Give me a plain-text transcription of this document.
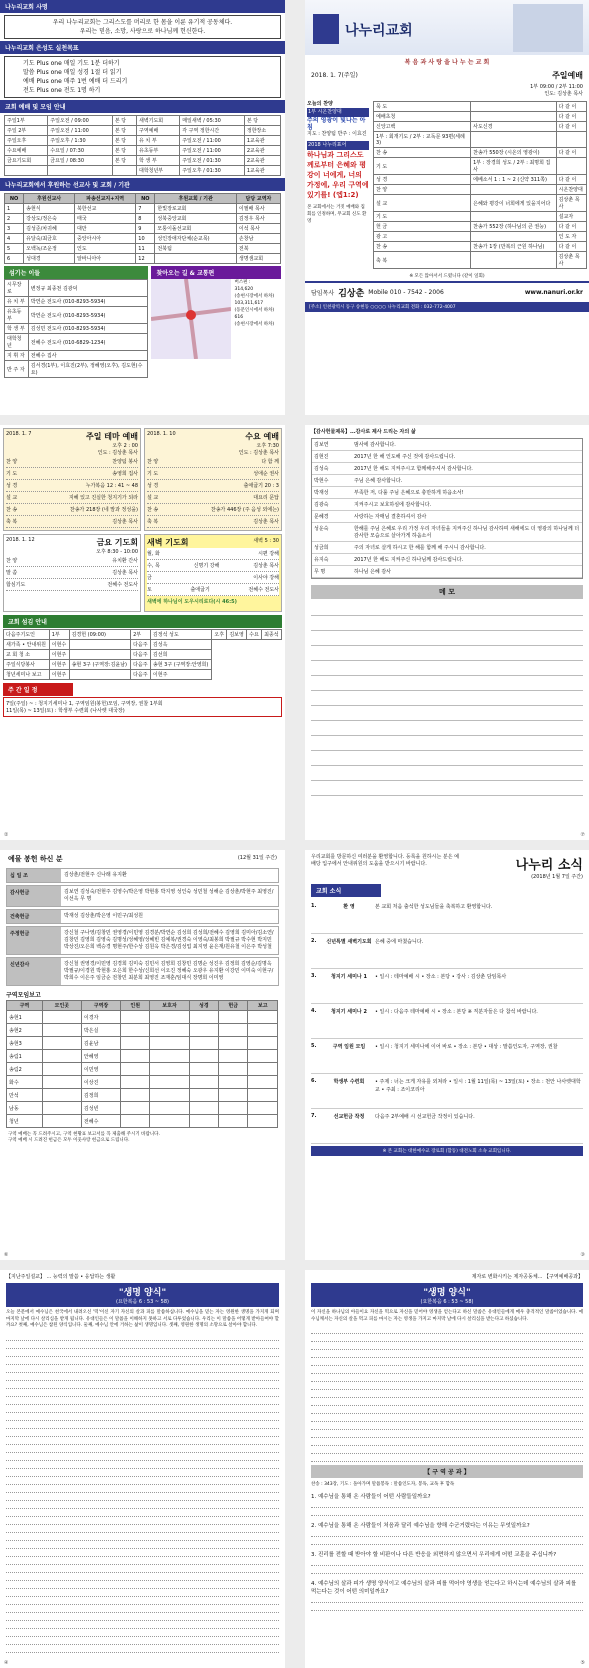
나누리교회 사명
우리 나누리교회는 그리스도를 머리로 한 몸을 이룬 유기적 공동체다.
우리는 믿음, 소망, 사랑으로 하나님께 헌신한다.
나누리교회 은성도 실천목표
기도 Plus one 매일 기도 1분 더하기
말씀 Plus one 매일 성경 1절 더 읽기
예배 Plus one 매주 1번 예배 더 드리기
전도 Plus one 전도 1명 하기
교회 예배 및 모임 안내
주일1부	주일오전 / 09:00	본 당	새벽기도회	매일새벽 / 05:30	본 당
주일 2부	주일오전 / 11:00	본 당	구역예배	각 구역 정한시간	정한장소
주일오후	주일오후 / 1:30	본 당	유 치 부	주일오전 / 11:00	1교육관
수요예배	수요일 / 07:30	본 당	유초등부	주일오전 / 11:00	2교육관
금요기도회	금요일 / 08:30	본 당	학 생 부	주일오전 / 01:30	2교육관
			대학청년부	주일오후 / 01:30	1교육관
나누리교회에서 후원하는 선교사 및 교회 / 기관
NO	후원선교사	파송선교지+지역	NO	후원교회 / 기관	담당 교역자
1	송현식	북한선교	7	한빛장로교회	이필배 목사
2	강상도/정은숙	태국	8	성북중앙교회	김정우 목사
3	김성준/차귀혜	대만	9	모퉁이돌선교회	이석 목사
4	유달숙/최금호	중앙아시아	10	성인장애자단체(순교목)	손창남
5	오백녹/조운정	인도	11	전북팀	전북
6	성대경	알바니아아	12		생명샘교회
섬기는 이들
시무장로	변정규 최종천 김광덕
유 치 부	박연순 전도사 (010-8293-5934)
유초등부	박연순 전도사 (010-8293-5934)
학 생 부	김성민 전도사 (010-8293-5934)
대학청년	전혜수 전도사 (010-6829-1234)
지 휘 자	전혜수 집사
반 주 자	김서경(1부), 이효진(2부), 정혜영(오후), 김도현(수요)
찾아오는 길 & 교통편
버스편 :
314,620
(송현시장에서 하차)
103,311,617
(동문인시에서 하차)
616
(송현시장에서 하차)
나누리교회
복 음 과 사 랑 을 나 누 는 교 회
2018. 1. 7(주일)	주일예배
1부 09:00 / 2부 11:00
인도: 김상춘 목사
오늘의 찬양
1부 시온찬양대
주의 영광이 빛나는 아침
지도 : 찬양팀 반주 : 이효진
2018 나누리표어
하나님과 그리스도께로부터 은혜와 평강이 너에게, 너의 가정에, 우리 구역에 있기를! (엡1:2)
본 교회에서는 거짓 예배와 집회를 인정하며, 무교회 신도 환영
묵 도		다 같 이
예배초청		다 같 이
신앙고백	사도신경	다 같 이
1부 : 회개기도 / 2부 : 교독문 93편(세례3)		
찬 송	찬송가 550장 (시온의 영광이)	다 같 이
기 도	1부 : 장경희 성도 / 2부 : 최명희 집사	
성 경	에베소서 1 : 1 ~ 2 (신약 311쪽)	다 같 이
찬 양		시온찬양대
설 교	은혜와 평강이 너희에게 있을지어다	김상춘 목사
기 도		설교자
헌 금	찬송가 552장 (하나님의 큰 권능)	다 같 이
광 고		인 도 자
찬 송	찬송가 1장 (만복의 근원 하나님)	다 같 이
축 복		김상춘 목사
※ 모든 않아서서 드렸니다 (같이 일회)
담임목사 김상춘 Mobile 010 - 7542 - 2006	www.nanuri.or.kr
[주소] 인천광역시 동구 송현동 ○○○○ 나누리교회 전화 : 032-772-4007
2018. 1. 7	주일 테마 예배
오후 2 : 00
인도 : 김상춘 목사
찬 양	찬양팀 봉사
기 도	송영희 집사
성 경	누가복음 12 : 41 ~ 48
설 교	지혜 있고 진실한 청지기가 되라
찬 송	찬송가 218장 (네 맘과 정성을)
축 복	김상춘 목사
2018. 1. 10	수요 예배
오후 7:30
인도 : 김상춘 목사
찬 양	다 함 께
기 도	성애순 권사
성 경	출애굽기 20 : 3
설 교	대요리 문답
찬 송	찬송가 446장 (주 음성 외에는)
축 복	김상춘 목사
2018. 1. 12	금요 기도회
오후 8:30 - 10:00
찬 양	유치환 간사
말 씀	김상춘 목사
합심기도	전혜수 전도사
새벽 기도회	새벽 5 : 30
월, 화	시편 강해
수, 목	신명기 강해	김상춘 목사
금	이사야 강해
토	출애굽기	전혜수 전도사
새벽에 하나님이 도우시리로다(시 46:5)
교회 섬김 안내
다음주기도인	1부	김경헌 (09:00)	2부	김정석 성도	오후	김보영	수요	최종석
새가족 • 안내위원	이현수		다음주	김성옥				
교 회 청 소	이현주		다음주	김선희				
주일식당봉사	이현주	송현 3구 (구역장:김윤남)	다음주	송현 3구 (구역장:안영희)				
청년세미나 보고	이현주		다음주	이현주				
주 간 일 정
7일(주일) ~ : 청지기세미나 1, 구역임원(봉헌)모임, 구역장, 권찰 1부회
11일(목) ~ 13일(토) : 학생부 수련회 (나사렛 대국장)
②
【감사헌물제목】...감사로 제사 드리는 자의 삶
김보연	범사에 감사합니다.
김현진	2017년 한 해 인도해 주신 것에 감사드립니다.
김성숙	2017년 한 해도 지켜주시고 함께해주셔서 감사합니다.
박현수	주님 은혜 감사합니다.
박재성	부족한 저, 다룰 주님 은혜으로 충만하게 하옵소서!
김광숙	지켜주시고 보호하심에 감사합니다.
문혜경	사랑하는 자매님 결혼하셔서 감사
성운숙	한해를 주님 은혜로 우리 가정 우리 자녀들을 지켜주신 하나님 감사하며 새해에도 더 영광의 하나님께 더 감사한 모습으로 살아가게 하옵소서
성금희	주의 자녀로 살게 하시고 한 해를 함께 해 주시니 감사합니다.
유지숙	2017년 한 해도 지켜주신 하나님께 감사드립니다.
무 명	하나님 은혜 감사
메 모
⑦
예물 봉헌 하신 분	(12월 31일 주간)
십 일 조	김상춘/전현주 신나래 유지환
감사헌금	김보연 김성숙/전현주 김영수/박은영 박현홍 박지영 성인숙 성민철 성해순 김상춘/박현주 최영진/이선옥 무 명
건축헌금	박재성 김상춘/박은영 이민구/최성원
주정헌금	강신철 구나영/김창민 권영경/이민영 김경분/박연순 김성희 김성희/전혜수 김영희 김미아/김소연/김창민 김영희 김영숙 김명성/성혜영/성혜빈 김예복/권경숙 이영숙/최봉희 박필규 박수현 박지민 박상진/오은희 백승경 명현주/한수상 김원옥 박은경/김성업 최지영 윤은재/원유철 이은주 박성철
신년감사	강신철 권영경/이민영 김경희 김미숙 김민서 김영희 김창민 김명순 성진우 김정희 김영순/김명옥 박필규/이경원 박현홍 오은희 한수상/신희선 이오진 정혜숙 오광우 유지환 이강민 이미숙 이현구/박희수 이은주 임금순 전창민 최분희 최영진 조재훈/임대식 장명희 이미영
구역모임보고
구역	모인곳	구역장	인원	보호자	성경	헌금	보고
송현1		이경자					
송현2		박은실					
송현3		김윤남					
송림1		안혜영					
송림2		이민영					
화수		이상진					
만석		김정희					
남동		김성빈					
청년		전혜수					
구역 예배는 꼭 드려주시고, 구역 현황표 보고서를 꼭 제출해 주시기 바랍니다.
구역 예배 시 드려진 헌금은 모두 이웃사랑 헌금으로 드립니다.
⑥
우리교회를 방문하신 여러분을 환영합니다. 등록을 원하시는 분은 예배당 입구에서 안내위원의 도움을 받으시기 바랍니다.	나누리 소식
(2018년 1월 7일 주간)
교회 소식
1.	환 영	본 교회 처음 출석한 성도님들을 축복하고 환영합니다.
2.	신년특별 새벽기도회 은혜 중에 마쳤습니다.
3.	청지기 세미나 1	• 일시 : 테마예배 시 • 장소 : 본당 • 강사 : 김상춘 담임목사
4.	청지기 세미나 2	• 일시 : 다음주 테마예배 시 • 장소 : 본당 ※ 직분자들은 다 참석 바랍니다.
5.	구역 임원 모임	• 일시 : 청지기 세미나에 이어 바로 • 장소 : 본당 • 대상 : 말씀인도자, 구역장, 권찰
6.	학생부 수련회	• 주제 : 너는 크게 자유를 외쳐라 • 일시 : 1월 11일(목) ~ 13일(토) • 장소 : 천안 나사렛대학교 • 주최 : 조이코리아
7.	선교헌금 작정	다음주 2부예배 시 선교헌금 작정이 있습니다.
※ 본 교회는 대한예수교 장로회 (합동) 대전노회 소속 교회입니다.
③
【지난주일설교】 ... 능력의 말씀 • 응답하는 생활
"생명 양식"
(요한복음 6 : 53 ~ 58)
오늘 본문에서 예수님은 천국에서 내려오신 '떡'이신 자기 자신의 살과 피를 말씀하십니다. 예수님을 믿는 자는 영원한 생명을 가지게 되며 마지막 날에 다시 살리심을 받게 됩니다. 유대인들은 이 말씀을 이해하지 못하고 서로 다투었습니다. 우리는 이 말씀을 어떻게 받아들여야 할까요? 첫째, 예수님은 참된 양식입니다. 둘째, 예수님 안에 거하는 삶이 생명입니다. 셋째, 영원한 생명의 소망으로 살아야 합니다.
④
제자로 변화시키는 제자공동체... 【구역예배공과】
"생명 양식"
(요한복음 6 : 53 ~ 58)
이 자신을 하나님의 아들이요 자신을 떡으로 자신을 믿어야 영생을 얻는다고 하신 말씀은 유대인들에게 매우 충격적인 말씀이었습니다. 예수님께서는 자신의 살을 먹고 피를 마시는 자는 영생을 가지고 마지막 날에 다시 살리심을 받는다고 하셨습니다.
【 구 역 공 과 】
찬송 : 343장, 기도 : 돌아가며 말씀봉독 : 말씀인도자, 봉독, 교독 후 합독
1. 예수님을 통해 온 사람들이 어떤 사람들일까요?
2. 예수님을 통해 온 사람들이 처음과 달리 예수님을 향해 수군거렸다는 이유는 무엇일까요?
3. 진리를 전할 때 받아야 할 비판이나 다른 반응을 외면하지 않으면서 우리에게 어떤 교훈을 주십니까?
4. 예수님의 살과 피가 생명 양식이고 예수님의 살과 피를 먹어야 영생을 얻는다고 하시는데 예수님의 살과 피를 먹는다는 것이 어떤 의미일까요?
⑤
